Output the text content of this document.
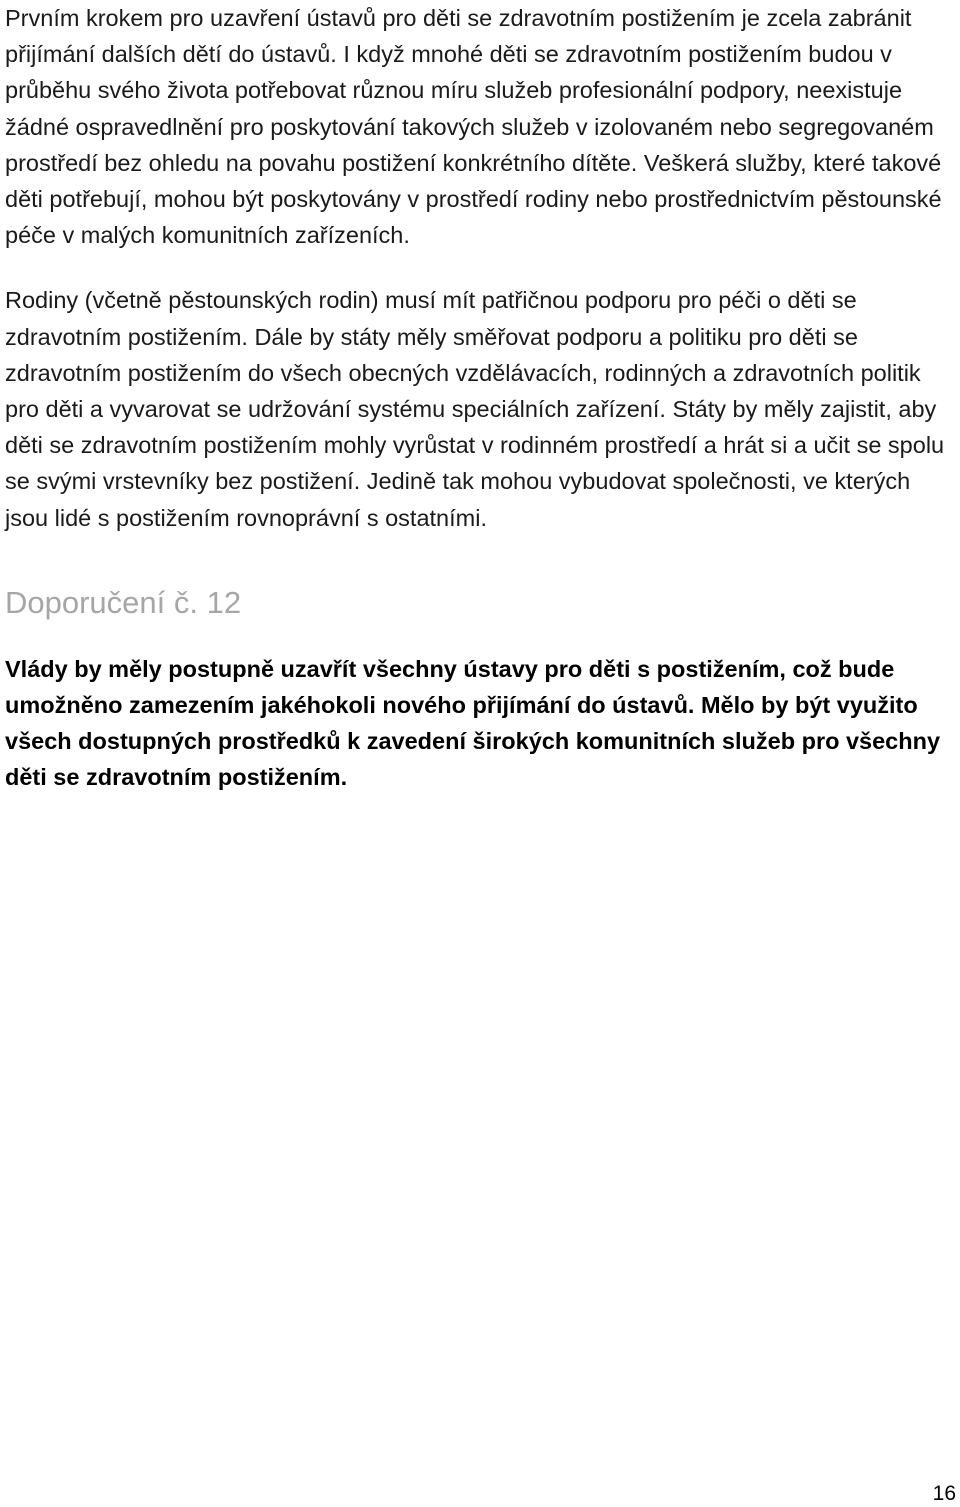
Prvním krokem pro uzavření ústavů pro děti se zdravotním postižením je zcela zabránit přijímání dalších dětí do ústavů. I když mnohé děti se zdravotním postižením budou v průběhu svého života potřebovat různou míru služeb profesionální podpory, neexistuje žádné ospravedlnění pro poskytování takových služeb v izolovaném nebo segregovaném prostředí bez ohledu na povahu postižení konkrétního dítěte. Veškerá služby, které takové děti potřebují, mohou být poskytovány v prostředí rodiny nebo prostřednictvím pěstounské péče v malých komunitních zařízeních.

Rodiny (včetně pěstounských rodin) musí mít patřičnou podporu pro péči o děti se zdravotním postižením. Dále by státy měly směřovat podporu a politiku pro děti se zdravotním postižením do všech obecných vzdělávacích, rodinných a zdravotních politik pro děti a vyvarovat se udržování systému speciálních zařízení. Státy by měly zajistit, aby děti se zdravotním postižením mohly vyrůstat v rodinném prostředí a hrát si a učit se spolu se svými vrstevníky bez postižení. Jedině tak mohou vybudovat společnosti, ve kterých jsou lidé s postižením rovnoprávní s ostatními.

Doporučení č. 12

Vlády by měly postupně uzavřít všechny ústavy pro děti s postižením, což bude umožněno zamezením jakéhokoli nového přijímání do ústavů. Mělo by být využito všech dostupných prostředků k zavedení širokých komunitních služeb pro všechny děti se zdravotním postižením.

16
